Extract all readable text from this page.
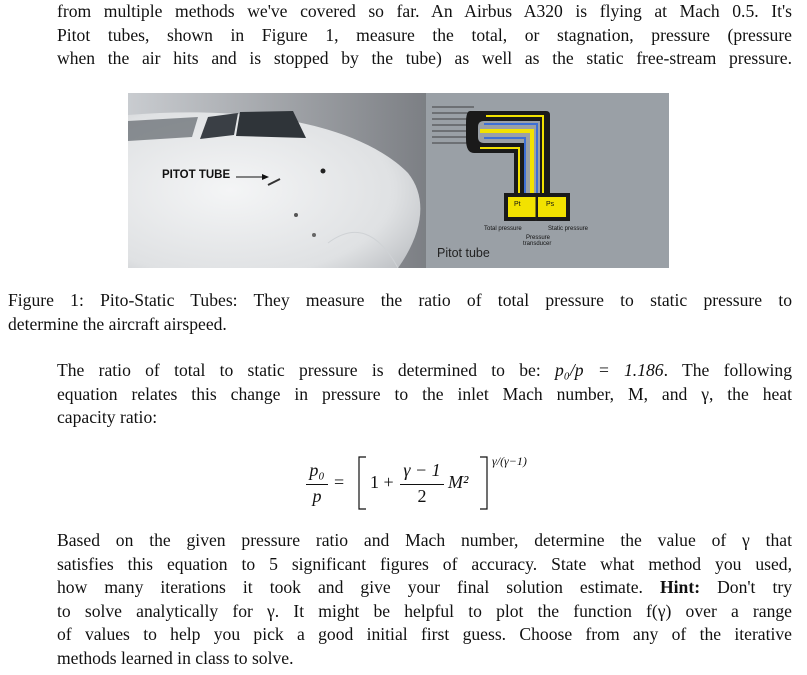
from multiple methods we've covered so far. An Airbus A320 is flying at Mach 0.5. It's
Pitot tubes, shown in Figure 1, measure the total, or stagnation, pressure (pressure
when the air hits and is stopped by the tube) as well as the static free-stream pressure.
PITOT TUBE
Pt	Ps
Total pressure	Static pressure
Pressure
transducer
Pitot tube
Figure 1: Pito-Static Tubes: They measure the ratio of total pressure to static pressure to
determine the aircraft airspeed.
The ratio of total to static pressure is determined to be: p₀/p = 1.186. The following
equation relates this change in pressure to the inlet Mach number, M, and γ, the heat
capacity ratio:
p₀
p
= 1 +
γ − 1
2
M²
γ/(γ−1)
Based on the given pressure ratio and Mach number, determine the value of γ that
satisfies this equation to 5 significant figures of accuracy. State what method you used,
how many iterations it took and give your final solution estimate. Hint: Don't try
to solve analytically for γ. It might be helpful to plot the function f(γ) over a range
of values to help you pick a good initial first guess. Choose from any of the iterative
methods learned in class to solve.
